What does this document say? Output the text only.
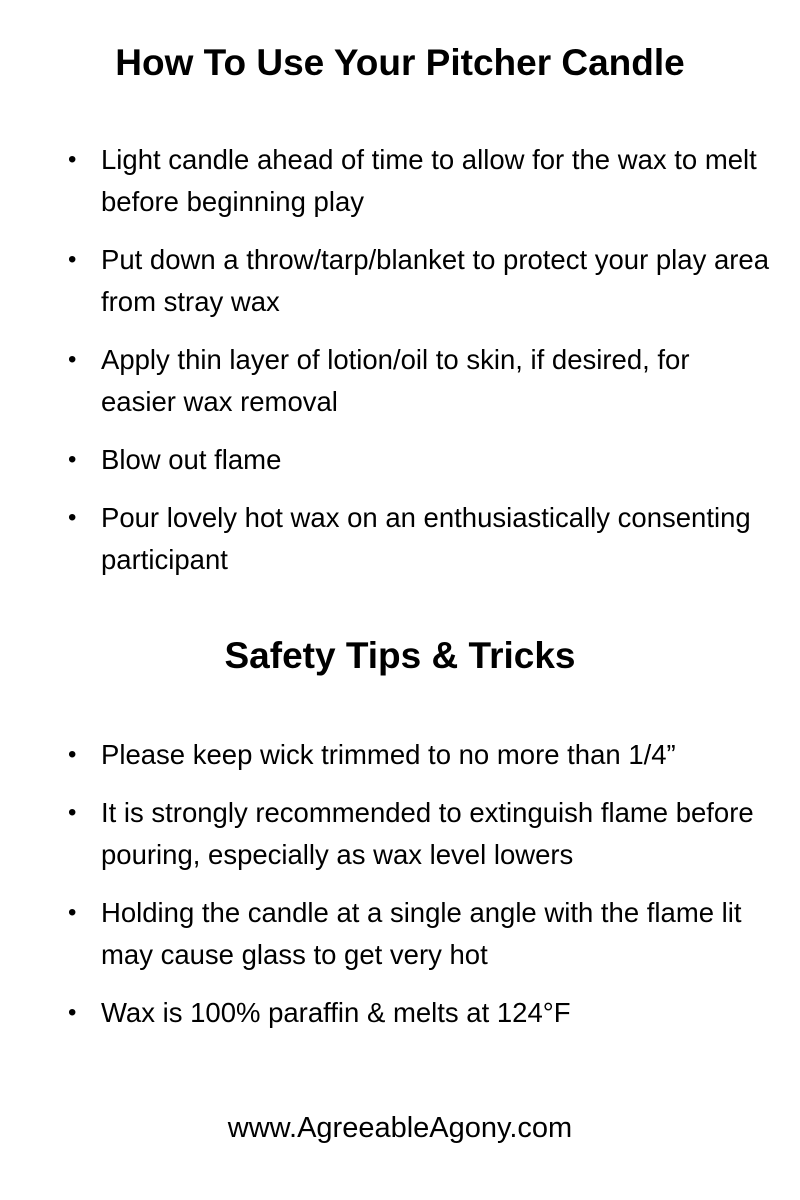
How To Use Your Pitcher Candle
• Light candle ahead of time to allow for the wax to melt before beginning play
• Put down a throw/tarp/blanket to protect your play area from stray wax
• Apply thin layer of lotion/oil to skin, if desired, for easier wax removal
• Blow out flame
• Pour lovely hot wax on an enthusiastically consenting participant
Safety Tips & Tricks
• Please keep wick trimmed to no more than 1/4”
• It is strongly recommended to extinguish flame before pouring, especially as wax level lowers
• Holding the candle at a single angle with the flame lit may cause glass to get very hot
• Wax is 100% paraffin & melts at 124°F
www.AgreeableAgony.com
